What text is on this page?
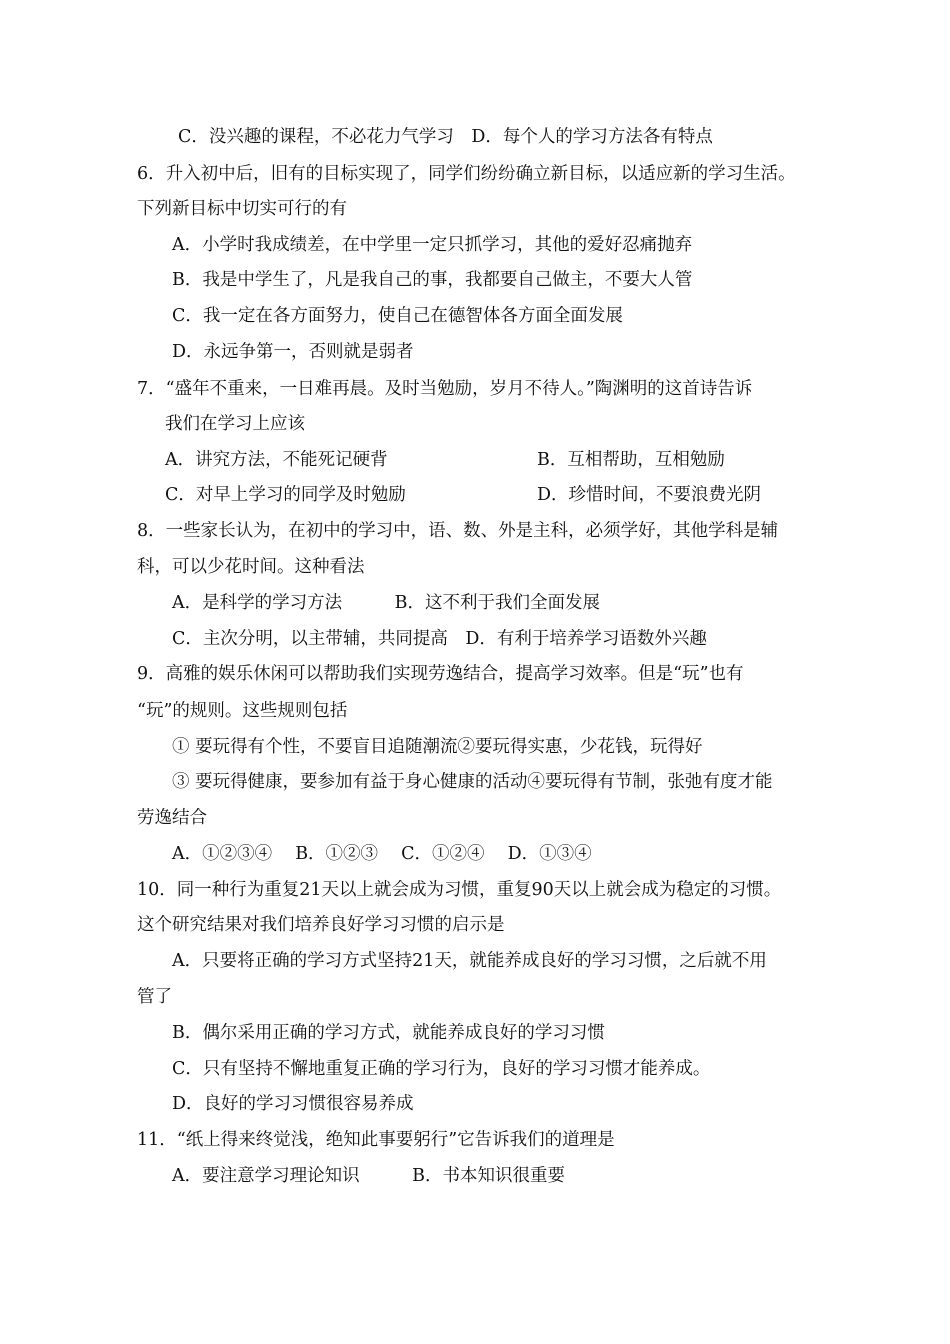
C．没兴趣的课程，不必花力气学习　D．每个人的学习方法各有特点
6．升入初中后，旧有的目标实现了，同学们纷纷确立新目标，以适应新的学习生活。
下列新目标中切实可行的有
A．小学时我成绩差，在中学里一定只抓学习，其他的爱好忍痛抛弃
B．我是中学生了，凡是我自己的事，我都要自己做主，不要大人管
C．我一定在各方面努力，使自己在德智体各方面全面发展
D．永远争第一，否则就是弱者
7．“盛年不重来，一日难再晨。及时当勉励，岁月不待人。”陶渊明的这首诗告诉
我们在学习上应该
A．讲究方法，不能死记硬背	B．互相帮助，互相勉励
C．对早上学习的同学及时勉励	D．珍惜时间，不要浪费光阴
8．一些家长认为，在初中的学习中，语、数、外是主科，必须学好，其他学科是辅
科，可以少花时间。这种看法
A．是科学的学习方法　　　B．这不利于我们全面发展
C．主次分明，以主带辅，共同提高　D．有利于培养学习语数外兴趣
9．高雅的娱乐休闲可以帮助我们实现劳逸结合，提高学习效率。但是“玩”也有
“玩”的规则。这些规则包括
① 要玩得有个性，不要盲目追随潮流②要玩得实惠，少花钱，玩得好
③ 要玩得健康，要参加有益于身心健康的活动④要玩得有节制，张弛有度才能
劳逸结合
A．①②③④　 B．①②③　 C．①②④　 D．①③④
10．同一种行为重复21天以上就会成为习惯，重复90天以上就会成为稳定的习惯。
这个研究结果对我们培养良好学习习惯的启示是
A．只要将正确的学习方式坚持21天，就能养成良好的学习习惯，之后就不用
管了
B．偶尔采用正确的学习方式，就能养成良好的学习习惯
C．只有坚持不懈地重复正确的学习行为，良好的学习习惯才能养成。
D．良好的学习习惯很容易养成
11．“纸上得来终觉浅，绝知此事要躬行”它告诉我们的道理是
A．要注意学习理论知识　　　B．书本知识很重要
